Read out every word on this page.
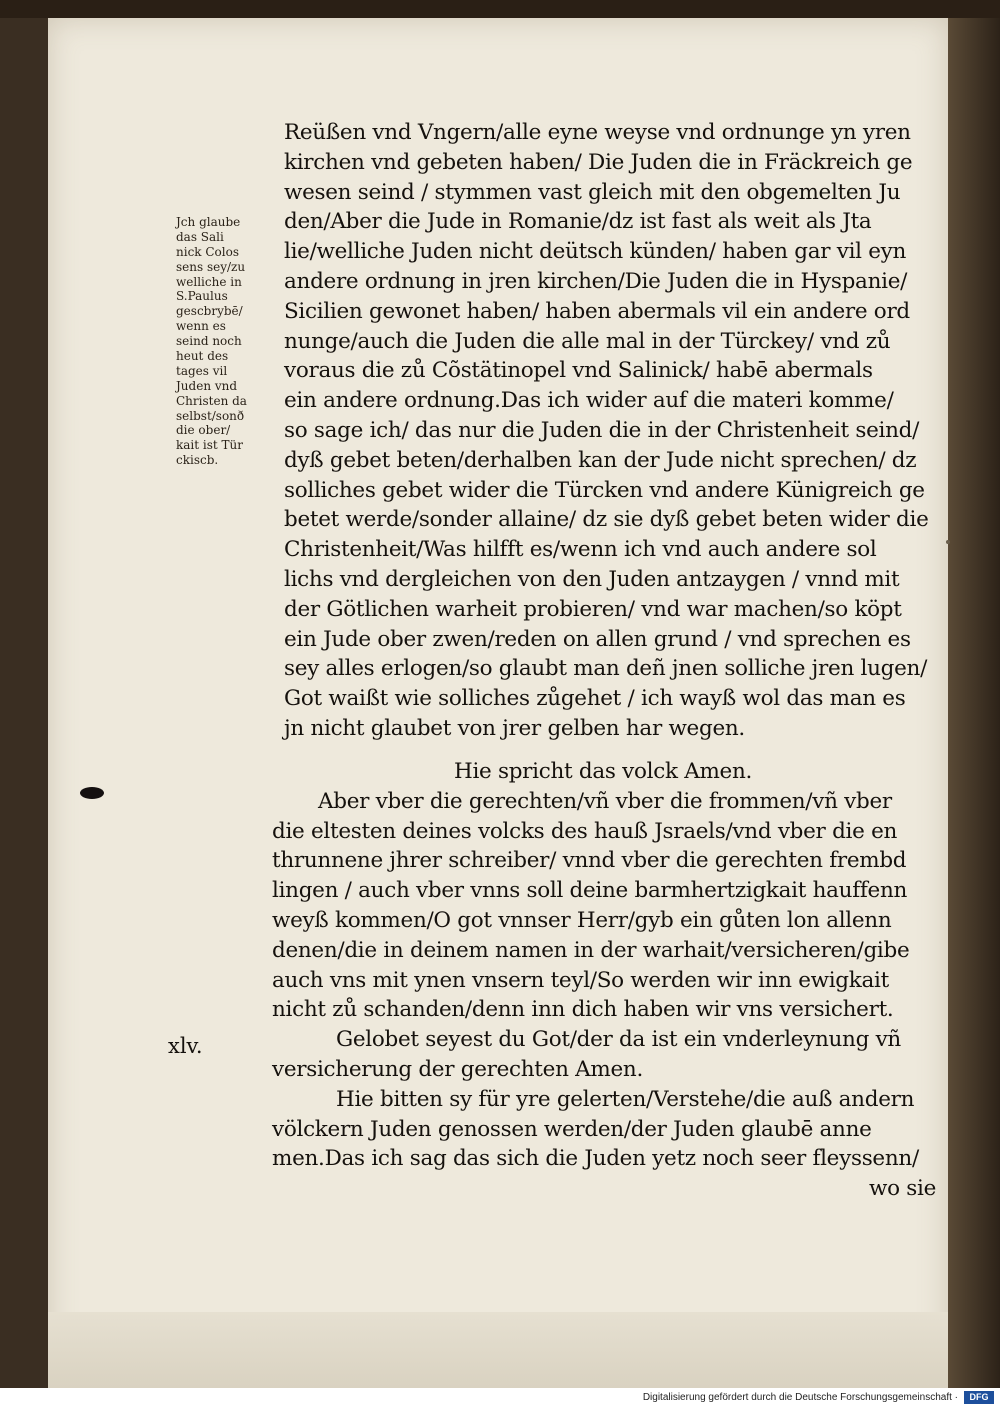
Jch glaube
das Sali
nick Colos
sens sey/zu
welliche in
S.Paulus
gescbrybē/
wenn es
seind noch
heut des
tages vil
Juden vnd
Christen da
selbst/sonð
die ober/
kait ist Tür
ckiscb.
Reüßen vnd Vngern/alle eyne weyse vnd ordnunge yn yren
kirchen vnd gebeten haben/ Die Juden die in Fräckreich ge
wesen seind / stymmen vast gleich mit den obgemelten Ju
den/Aber die Jude in Romanie/dz ist fast als weit als Jta
lie/welliche Juden nicht deütsch künden/ haben gar vil eyn
andere ordnung in jren kirchen/Die Juden die in Hyspanie/
Sicilien gewonet haben/ haben abermals vil ein andere ord
nunge/auch die Juden die alle mal in der Türckey/ vnd zů
voraus die zů Cõstätinopel vnd Salinick/ habē abermals
ein andere ordnung.Das ich wider auf die materi komme/
so sage ich/ das nur die Juden die in der Christenheit seind/
dyß gebet beten/derhalben kan der Jude nicht sprechen/ dz
solliches gebet wider die Türcken vnd andere Künigreich ge
betet werde/sonder allaine/ dz sie dyß gebet beten wider die
Christenheit/Was hilfft es/wenn ich vnd auch andere sol
lichs vnd dergleichen von den Juden antzaygen / vnnd mit
der Götlichen warheit probieren/ vnd war machen/so köpt
ein Jude ober zwen/reden on allen grund / vnd sprechen es
sey alles erlogen/so glaubt man deñ jnen solliche jren lugen/
Got waißt wie solliches zůgehet / ich wayß wol das man es
jn nicht glaubet von jrer gelben har wegen.
Hie spricht das volck Amen.
Aber vber die gerechten/vñ vber die frommen/vñ vber
die eltesten deines volcks des hauß Jsraels/vnd vber die en
thrunnene jhrer schreiber/ vnnd vber die gerechten frembd
lingen / auch vber vnns soll deine barmhertzigkait hauffenn
weyß kommen/O got vnnser Herr/gyb ein gůten lon allenn
denen/die in deinem namen in der warhait/versicheren/gibe
auch vns mit ynen vnsern teyl/So werden wir inn ewigkait
nicht zů schanden/denn inn dich haben wir vns versichert.
Gelobet seyest du Got/der da ist ein vnderleynung vñ
versicherung der gerechten Amen.
Hie bitten sy für yre gelerten/Verstehe/die auß andern
völckern Juden genossen werden/der Juden glaubē anne
men.Das ich sag das sich die Juden yetz noch seer fleyssenn/
wo sie
xlv.
Digitalisierung gefördert durch die Deutsche Forschungsgemeinschaft ·	DFG
